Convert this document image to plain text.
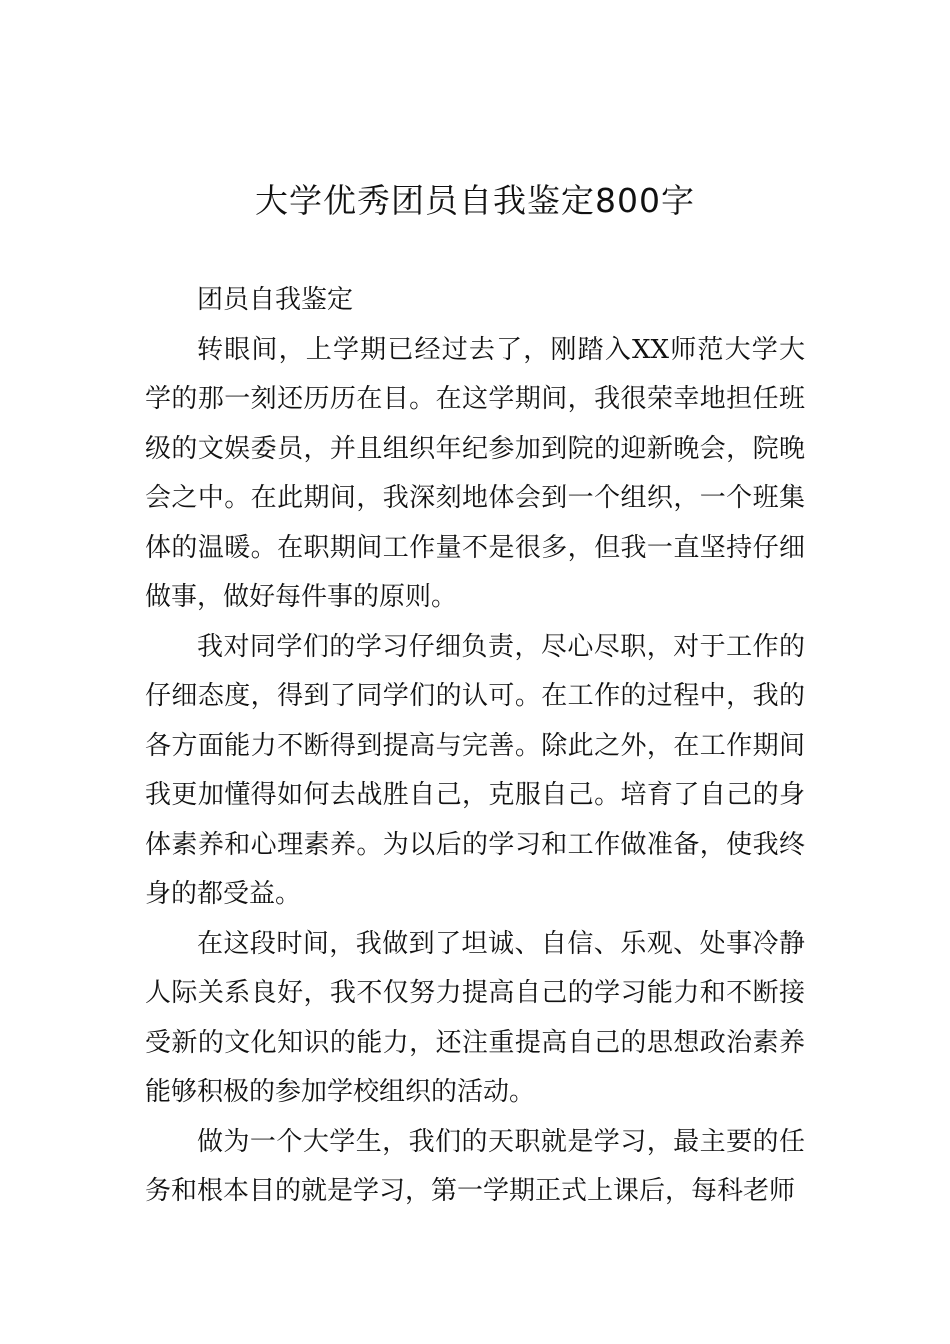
大学优秀团员自我鉴定800字

团员自我鉴定

转眼间，上学期已经过去了，刚踏入XX师范大学大学的那一刻还历历在目。在这学期间，我很荣幸地担任班级的文娱委员，并且组织年纪参加到院的迎新晚会，院晚会之中。在此期间，我深刻地体会到一个组织，一个班集体的温暖。在职期间工作量不是很多，但我一直坚持仔细做事，做好每件事的原则。

我对同学们的学习仔细负责，尽心尽职，对于工作的仔细态度，得到了同学们的认可。在工作的过程中，我的各方面能力不断得到提高与完善。除此之外，在工作期间我更加懂得如何去战胜自己，克服自己。培育了自己的身体素养和心理素养。为以后的学习和工作做准备，使我终身的都受益。

在这段时间，我做到了坦诚、自信、乐观、处事冷静人际关系良好，我不仅努力提高自己的学习能力和不断接受新的文化知识的能力，还注重提高自己的思想政治素养能够积极的参加学校组织的活动。

做为一个大学生，我们的天职就是学习，最主要的任务和根本目的就是学习，第一学期正式上课后，每科老师
